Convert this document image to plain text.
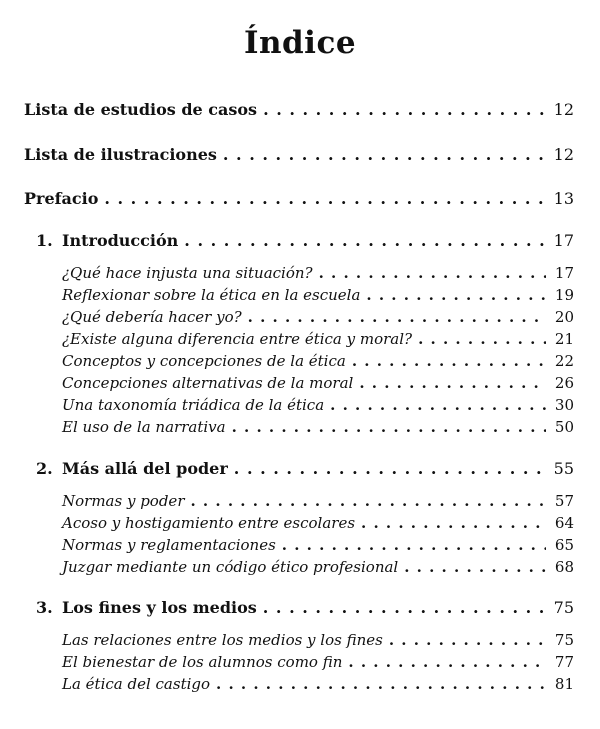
Índice
Lista de estudios de casos . . .	12
Lista de ilustraciones . . .	12
Prefacio . . .	13
1. Introducción . . .	17
¿Qué hace injusta una situación? . . .	17
Reflexionar sobre la ética en la escuela . . .	19
¿Qué debería hacer yo? . . .	20
¿Existe alguna diferencia entre ética y moral? . . .	21
Conceptos y concepciones de la ética . . .	22
Concepciones alternativas de la moral . . .	26
Una taxonomía triádica de la ética . . .	30
El uso de la narrativa . . .	50
2. Más allá del poder . . .	55
Normas y poder . . .	57
Acoso y hostigamiento entre escolares . . .	64
Normas y reglamentaciones . . .	65
Juzgar mediante un código ético profesional . . .	68
3. Los fines y los medios . . .	75
Las relaciones entre los medios y los fines . . .	75
El bienestar de los alumnos como fin . . .	77
La ética del castigo . . .	81
